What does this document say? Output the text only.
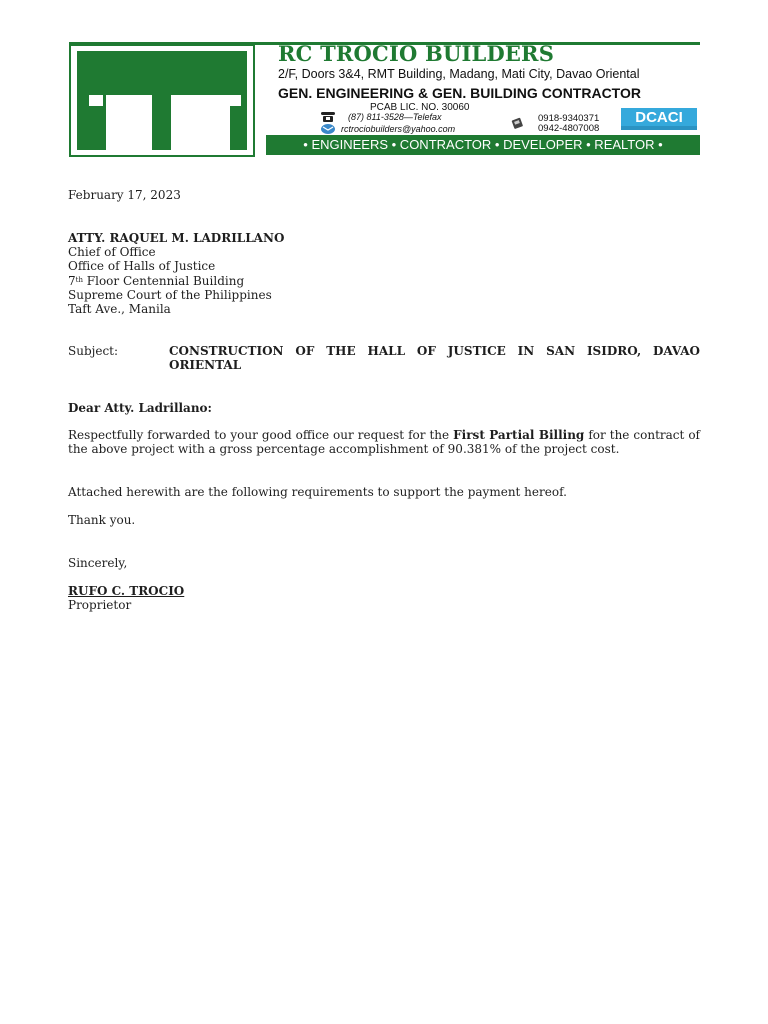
RC TROCIO BUILDERS
2/F, Doors 3&4, RMT Building, Madang, Mati City, Davao Oriental
GEN. ENGINEERING & GEN. BUILDING CONTRACTOR
PCAB LIC. NO. 30060
(87) 811-3528—Telefax
rctrociobuilders@yahoo.com
0918-9340371
0942-4807008
DCACI
• ENGINEERS • CONTRACTOR • DEVELOPER • REALTOR •
February 17, 2023
ATTY. RAQUEL M. LADRILLANO
Chief of Office
Office of Halls of Justice
7th Floor Centennial Building
Supreme Court of the Philippines
Taft Ave., Manila
Subject:	CONSTRUCTION OF THE HALL OF JUSTICE IN SAN ISIDRO, DAVAO ORIENTAL
Dear Atty. Ladrillano:
Respectfully forwarded to your good office our request for the First Partial Billing for the contract of the above project with a gross percentage accomplishment of 90.381% of the project cost.
Attached herewith are the following requirements to support the payment hereof.
Thank you.
Sincerely,
RUFO C. TROCIO
Proprietor
